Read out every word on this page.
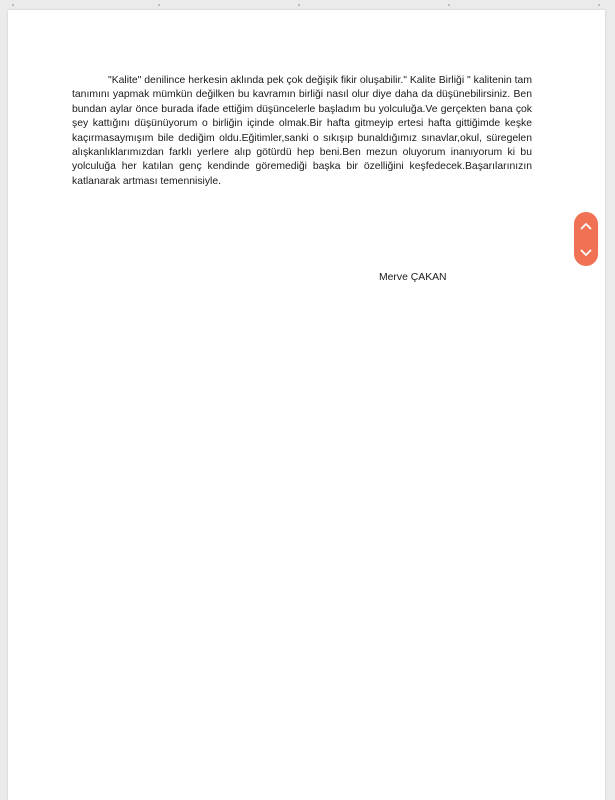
"Kalite" denilince herkesin aklında pek çok değişik fikir oluşabilir." Kalite Birliği " kalitenin tam tanımını yapmak mümkün değilken bu kavramın birliği nasıl olur diye daha da düşünebilirsiniz. Ben bundan aylar önce burada ifade ettiğim düşüncelerle başladım bu yolculuğa.Ve gerçekten bana çok şey kattığını düşünüyorum o birliğin içinde olmak.Bir hafta gitmeyip ertesi hafta gittiğimde keşke kaçırmasaymışım bile dediğim oldu.Eğitimler,sanki o sıkışıp bunaldığımız sınavlar,okul, süregelen alışkanlıklarımızdan farklı yerlere alıp götürdü hep beni.Ben mezun oluyorum inanıyorum ki bu yolculuğa her katılan genç kendinde göremediği başka bir özelliğini keşfedecek.Başarılarınızın katlanarak artması temennisiyle.

Merve ÇAKAN
